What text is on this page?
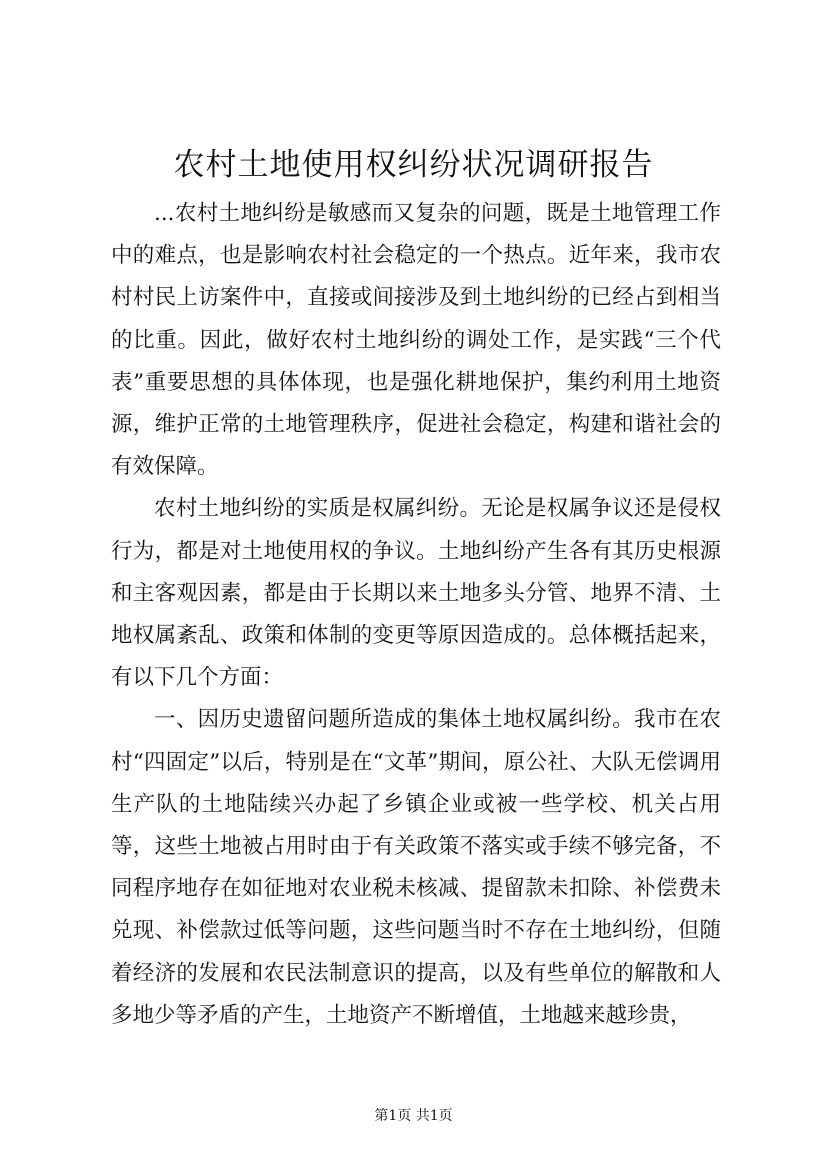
农村土地使用权纠纷状况调研报告

...农村土地纠纷是敏感而又复杂的问题，既是土地管理工作中的难点，也是影响农村社会稳定的一个热点。近年来，我市农村村民上访案件中，直接或间接涉及到土地纠纷的已经占到相当的比重。因此，做好农村土地纠纷的调处工作，是实践“三个代表”重要思想的具体体现，也是强化耕地保护，集约利用土地资源，维护正常的土地管理秩序，促进社会稳定，构建和谐社会的有效保障。

农村土地纠纷的实质是权属纠纷。无论是权属争议还是侵权行为，都是对土地使用权的争议。土地纠纷产生各有其历史根源和主客观因素，都是由于长期以来土地多头分管、地界不清、土地权属紊乱、政策和体制的变更等原因造成的。总体概括起来，有以下几个方面：

一、因历史遗留问题所造成的集体土地权属纠纷。我市在农村“四固定”以后，特别是在“文革”期间，原公社、大队无偿调用生产队的土地陆续兴办起了乡镇企业或被一些学校、机关占用等，这些土地被占用时由于有关政策不落实或手续不够完备，不同程序地存在如征地对农业税未核减、提留款未扣除、补偿费未兑现、补偿款过低等问题，这些问题当时不存在土地纠纷，但随着经济的发展和农民法制意识的提高，以及有些单位的解散和人多地少等矛盾的产生，土地资产不断增值，土地越来越珍贵，

第1页 共1页
